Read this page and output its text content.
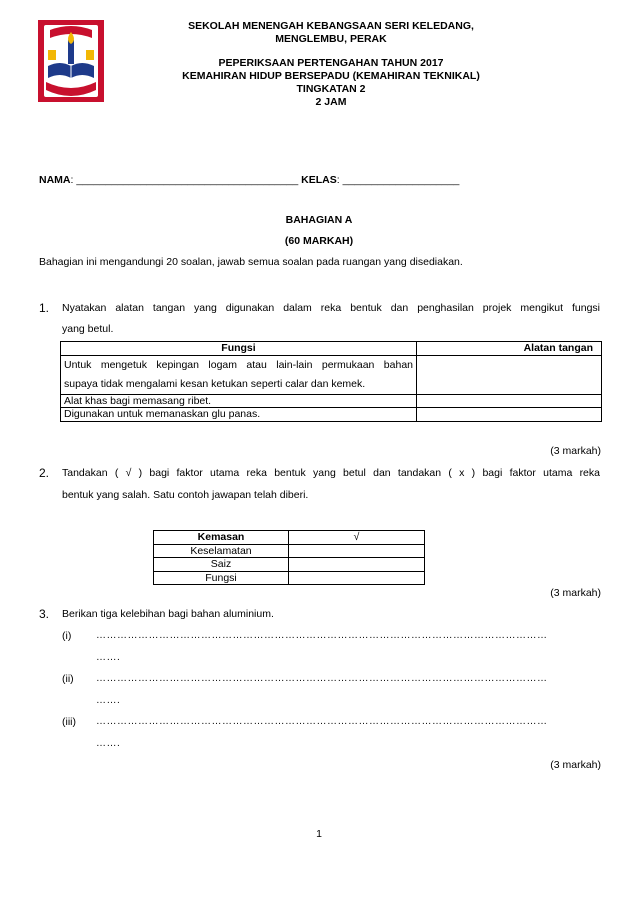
SEKOLAH MENENGAH KEBANGSAAN SERI KELEDANG,
MENGLEMBU, PERAK
PEPERIKSAAN PERTENGAHAN TAHUN 2017
KEMAHIRAN HIDUP BERSEPADU (KEMAHIRAN TEKNIKAL)
TINGKATAN 2
2 JAM
NAMA: ______________________________________ KELAS: ____________________
BAHAGIAN A
(60 MARKAH)
Bahagian ini mengandungi 20 soalan, jawab semua soalan pada ruangan yang disediakan.
1. Nyatakan alatan tangan yang digunakan dalam reka bentuk dan penghasilan projek mengikut fungsi
yang betul.
Fungsi	Alatan tangan

Untuk mengetuk kepingan logam atau lain-lain permukaan bahan
supaya tidak mengalami kesan ketukan seperti calar dan kemek.	

Alat khas bagi memasang ribet.	
Digunakan untuk memanaskan glu panas.	
(3 markah)
2. Tandakan ( √ ) bagi faktor utama reka bentuk yang betul dan tandakan ( x ) bagi faktor utama reka
bentuk yang salah. Satu contoh jawapan telah diberi.
Kemasan	√
Keselamatan	
Saiz	
Fungsi	
(3 markah)
3. Berikan tiga kelebihan bagi bahan aluminium.
(i) …………………………………………………………………………………………………………………
…….
(ii) …………………………………………………………………………………………………………………
…….
(iii) …………………………………………………………………………………………………………………
…….
(3 markah)
1
